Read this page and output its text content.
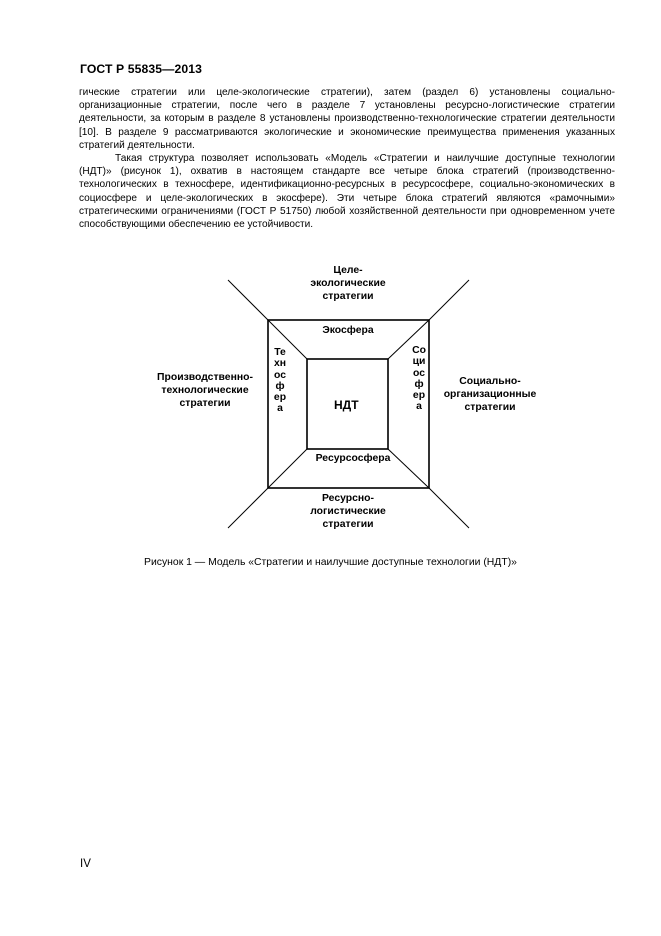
ГОСТ Р 55835—2013

гические стратегии или целе-экологические стратегии), затем (раздел 6) установлены социально-организационные стратегии, после чего в разделе 7 установлены ресурсно-логистические стратегии деятельности, за которым в разделе 8 установлены производственно-технологические стратегии деятельности [10]. В разделе 9 рассматриваются экологические и экономические преимущества применения указанных стратегий деятельности.

Такая структура позволяет использовать «Модель «Стратегии и наилучшие доступные технологии (НДТ)» (рисунок 1), охватив в настоящем стандарте все четыре блока стратегий (производственно-технологических в техносфере, идентификационно-ресурсных в ресурсосфере, социально-экономических в социосфере и целе-экологических в экосфере). Эти четыре блока стратегий являются «рамочными» стратегическими ограничениями (ГОСТ Р 51750) любой хозяйственной деятельности при одновременном учете способствующими обеспечению ее устойчивости.

Целе-
экологические
стратегии
Производственно-
технологические
стратегии
Социально-
организационные
стратегии
Ресурсно-
логистические
стратегии
Экосфера
Техносфера
Социосфера
Ресурсосфера
НДТ
Рисунок 1 — Модель «Стратегии и наилучшие доступные технологии (НДТ)»
IV
